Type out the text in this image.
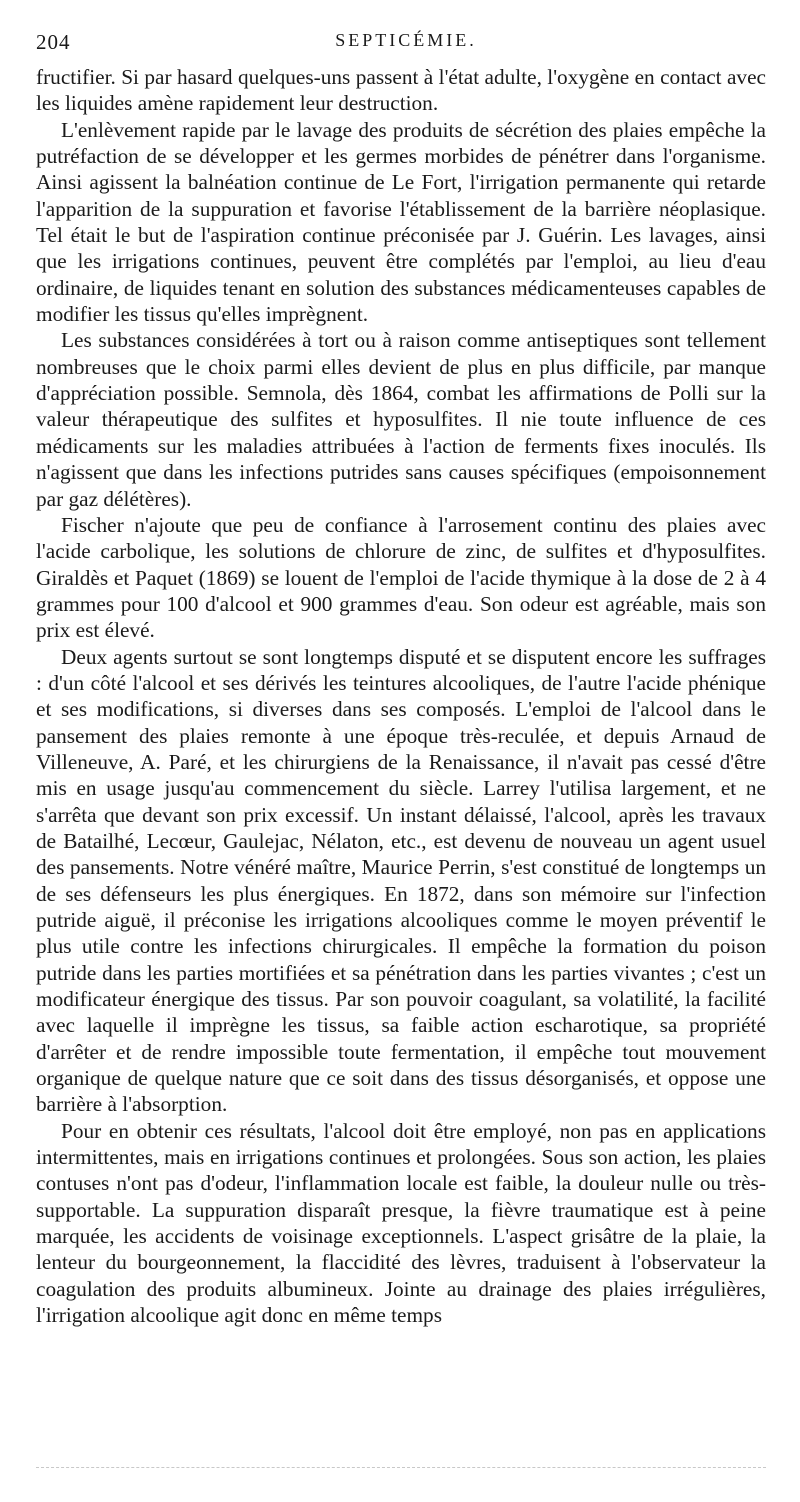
204	SEPTICÉMIE.

fructifier. Si par hasard quelques-uns passent à l'état adulte, l'oxygène en contact avec les liquides amène rapidement leur destruction.

L'enlèvement rapide par le lavage des produits de sécrétion des plaies empêche la putréfaction de se développer et les germes morbides de pénétrer dans l'organisme. Ainsi agissent la balnéation continue de Le Fort, l'irrigation permanente qui retarde l'apparition de la suppuration et favorise l'établissement de la barrière néoplasique. Tel était le but de l'aspiration continue préconisée par J. Guérin. Les lavages, ainsi que les irrigations continues, peuvent être complétés par l'emploi, au lieu d'eau ordinaire, de liquides tenant en solution des substances médicamenteuses capables de modifier les tissus qu'elles imprègnent.

Les substances considérées à tort ou à raison comme antiseptiques sont tellement nombreuses que le choix parmi elles devient de plus en plus difficile, par manque d'appréciation possible. Semnola, dès 1864, combat les affirmations de Polli sur la valeur thérapeutique des sulfites et hyposulfites. Il nie toute influence de ces médicaments sur les maladies attribuées à l'action de ferments fixes inoculés. Ils n'agissent que dans les infections putrides sans causes spécifiques (empoisonnement par gaz délétères).

Fischer n'ajoute que peu de confiance à l'arrosement continu des plaies avec l'acide carbolique, les solutions de chlorure de zinc, de sulfites et d'hyposulfites. Giraldès et Paquet (1869) se louent de l'emploi de l'acide thymique à la dose de 2 à 4 grammes pour 100 d'alcool et 900 grammes d'eau. Son odeur est agréable, mais son prix est élevé.

Deux agents surtout se sont longtemps disputé et se disputent encore les suffrages : d'un côté l'alcool et ses dérivés les teintures alcooliques, de l'autre l'acide phénique et ses modifications, si diverses dans ses composés. L'emploi de l'alcool dans le pansement des plaies remonte à une époque très-reculée, et depuis Arnaud de Villeneuve, A. Paré, et les chirurgiens de la Renaissance, il n'avait pas cessé d'être mis en usage jusqu'au commencement du siècle. Larrey l'utilisa largement, et ne s'arrêta que devant son prix excessif. Un instant délaissé, l'alcool, après les travaux de Batailhé, Lecœur, Gaulejac, Nélaton, etc., est devenu de nouveau un agent usuel des pansements. Notre vénéré maître, Maurice Perrin, s'est constitué de longtemps un de ses défenseurs les plus énergiques. En 1872, dans son mémoire sur l'infection putride aiguë, il préconise les irrigations alcooliques comme le moyen préventif le plus utile contre les infections chirurgicales. Il empêche la formation du poison putride dans les parties mortifiées et sa pénétration dans les parties vivantes ; c'est un modificateur énergique des tissus. Par son pouvoir coagulant, sa volatilité, la facilité avec laquelle il imprègne les tissus, sa faible action escharotique, sa propriété d'arrêter et de rendre impossible toute fermentation, il empêche tout mouvement organique de quelque nature que ce soit dans des tissus désorganisés, et oppose une barrière à l'absorption.

Pour en obtenir ces résultats, l'alcool doit être employé, non pas en applications intermittentes, mais en irrigations continues et prolongées. Sous son action, les plaies contuses n'ont pas d'odeur, l'inflammation locale est faible, la douleur nulle ou très-supportable. La suppuration disparaît presque, la fièvre traumatique est à peine marquée, les accidents de voisinage exceptionnels. L'aspect grisâtre de la plaie, la lenteur du bourgeonnement, la flaccidité des lèvres, traduisent à l'observateur la coagulation des produits albumineux. Jointe au drainage des plaies irrégulières, l'irrigation alcoolique agit donc en même temps
